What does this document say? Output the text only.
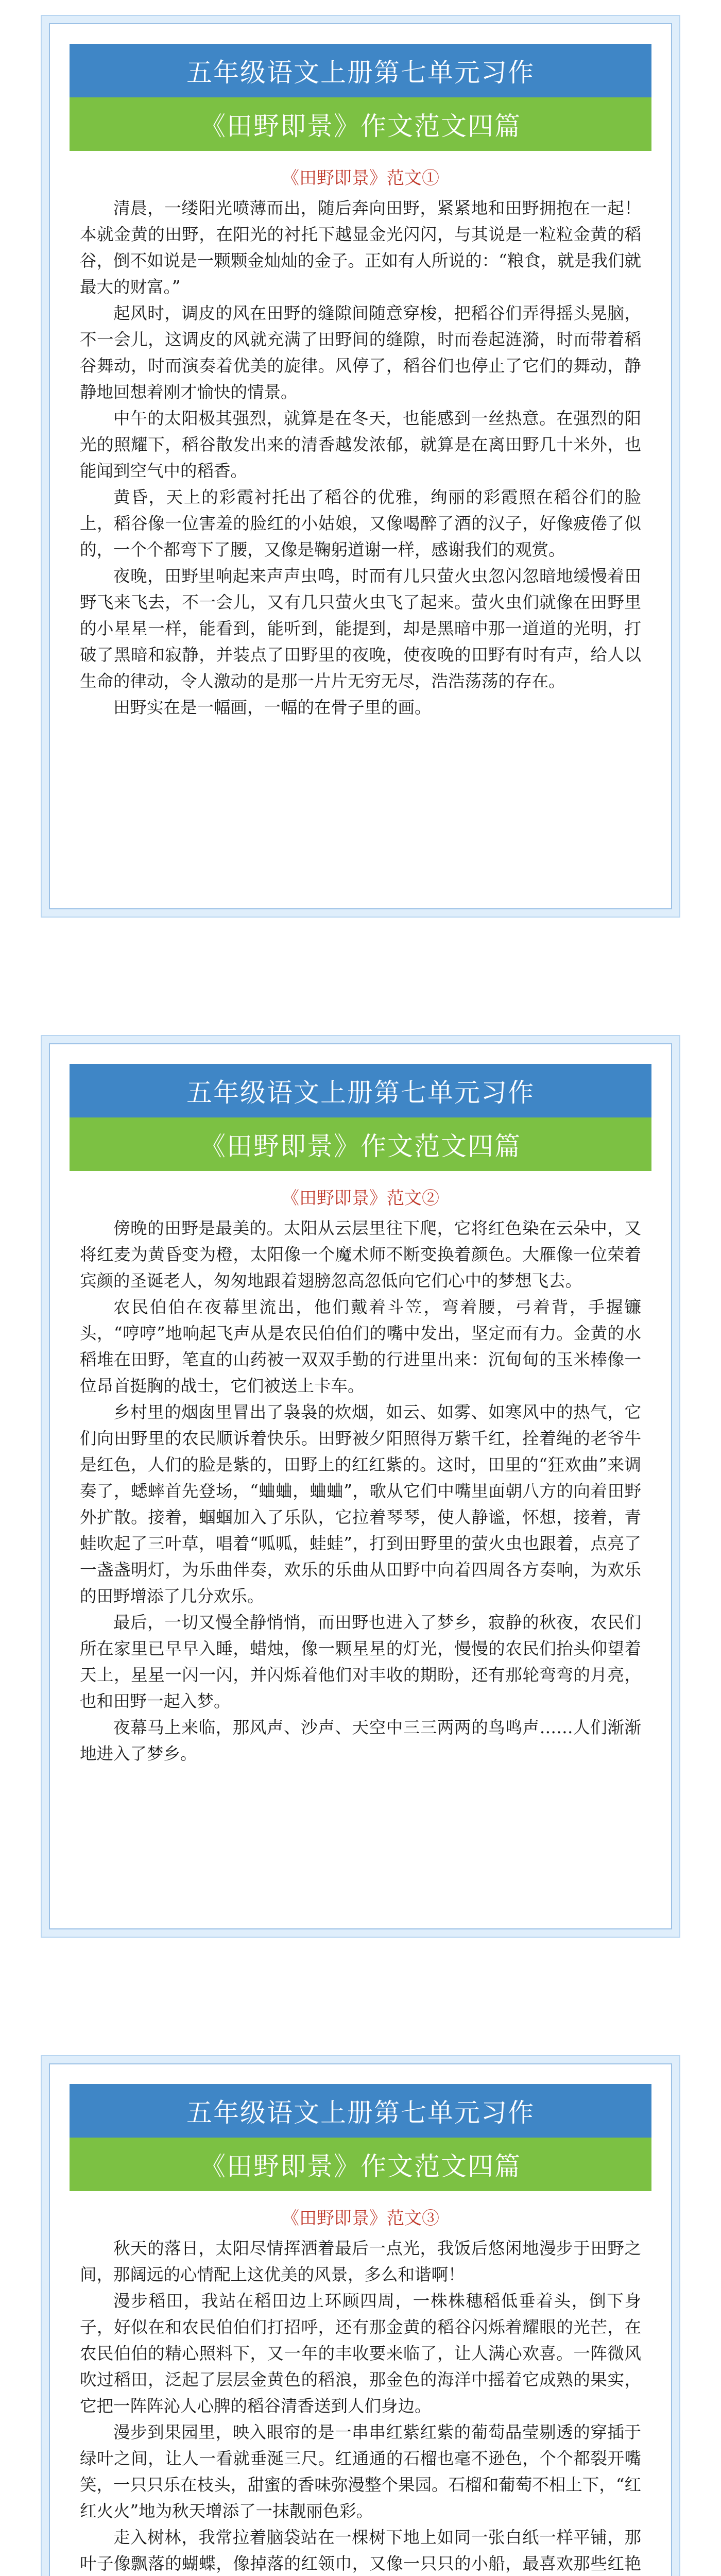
五年级语文上册第七单元习作
《田野即景》作文范文四篇
《田野即景》范文①

清晨，一缕阳光喷薄而出，随后奔向田野，紧紧地和田野拥抱在一起！本就金黄的田野，在阳光的衬托下越显金光闪闪，与其说是一粒粒金黄的稻谷，倒不如说是一颗颗金灿灿的金子。正如有人所说的：“粮食，就是我们就最大的财富。”

起风时，调皮的风在田野的缝隙间随意穿梭，把稻谷们弄得摇头晃脑，不一会儿，这调皮的风就充满了田野间的缝隙，时而卷起涟漪，时而带着稻谷舞动，时而演奏着优美的旋律。风停了，稻谷们也停止了它们的舞动，静静地回想着刚才愉快的情景。

中午的太阳极其强烈，就算是在冬天，也能感到一丝热意。在强烈的阳光的照耀下，稻谷散发出来的清香越发浓郁，就算是在离田野几十米外，也能闻到空气中的稻香。

黄昏，天上的彩霞衬托出了稻谷的优雅，绚丽的彩霞照在稻谷们的脸上，稻谷像一位害羞的脸红的小姑娘，又像喝醉了酒的汉子，好像疲倦了似的，一个个都弯下了腰，又像是鞠躬道谢一样，感谢我们的观赏。

夜晚，田野里响起来声声虫鸣，时而有几只萤火虫忽闪忽暗地缓慢着田野飞来飞去，不一会儿，又有几只萤火虫飞了起来。萤火虫们就像在田野里的小星星一样，能看到，能听到，能提到，却是黑暗中那一道道的光明，打破了黑暗和寂静，并装点了田野里的夜晚，使夜晚的田野有时有声，给人以生命的律动，令人激动的是那一片片无穷无尽，浩浩荡荡的存在。

田野实在是一幅画，一幅的在骨子里的画。

五年级语文上册第七单元习作
《田野即景》作文范文四篇
《田野即景》范文②

傍晚的田野是最美的。太阳从云层里往下爬，它将红色染在云朵中，又将红麦为黄昏变为橙，太阳像一个魔术师不断变换着颜色。大雁像一位荣着宾颜的圣诞老人，匆匆地跟着翅膀忽高忽低向它们心中的梦想飞去。

农民伯伯在夜幕里流出，他们戴着斗笠，弯着腰，弓着背，手握镰头，“哼哼”地响起飞声从是农民伯伯们的嘴中发出，坚定而有力。金黄的水稻堆在田野，笔直的山药被一双双手勤的行进里出来：沉甸甸的玉米棒像一位昂首挺胸的战士，它们被送上卡车。

乡村里的烟囱里冒出了袅袅的炊烟，如云、如雾、如寒风中的热气，它们向田野里的农民顺诉着快乐。田野被夕阳照得万紫千红，拴着绳的老爷牛是红色，人们的脸是紫的，田野上的红红紫的。这时，田里的“狂欢曲”来调奏了，蟋蟀首先登场，“蛐蛐，蛐蛐”，歌从它们中嘴里面朝八方的向着田野外扩散。接着，蝈蝈加入了乐队，它拉着琴琴，使人静谧，怀想，接着，青蛙吹起了三叶草，唱着“呱呱，蛙蛙”，打到田野里的萤火虫也跟着，点亮了一盏盏明灯，为乐曲伴奏，欢乐的乐曲从田野中向着四周各方奏响，为欢乐的田野增添了几分欢乐。

最后，一切又慢全静悄悄，而田野也进入了梦乡，寂静的秋夜，农民们所在家里已早早入睡，蜡烛，像一颗星星的灯光，慢慢的农民们抬头仰望着天上，星星一闪一闪，并闪烁着他们对丰收的期盼，还有那轮弯弯的月亮，也和田野一起入梦。

夜幕马上来临，那风声、沙声、天空中三三两两的鸟鸣声……人们渐渐地进入了梦乡。

五年级语文上册第七单元习作
《田野即景》作文范文四篇
《田野即景》范文③

秋天的落日，太阳尽情挥洒着最后一点光，我饭后悠闲地漫步于田野之间，那阔远的心情配上这优美的风景，多么和谐啊！

漫步稻田，我站在稻田边上环顾四周，一株株穗稻低垂着头，倒下身子，好似在和农民伯伯们打招呼，还有那金黄的稻谷闪烁着耀眼的光芒，在农民伯伯的精心照料下，又一年的丰收要来临了，让人满心欢喜。一阵微风吹过稻田，泛起了层层金黄色的稻浪，那金色的海洋中摇着它成熟的果实，它把一阵阵沁人心脾的稻谷清香送到人们身边。

漫步到果园里，映入眼帘的是一串串红紫红紫的葡萄晶莹剔透的穿插于绿叶之间，让人一看就垂涎三尺。红通通的石榴也毫不逊色，个个都裂开嘴笑，一只只乐在枝头，甜蜜的香味弥漫整个果园。石榴和葡萄不相上下，“红红火火”地为秋天增添了一抹靓丽色彩。

走入树林，我常拉着脑袋站在一棵树下地上如同一张白纸一样平铺，那叶子像飘落的蝴蝶，像掉落的红领巾，又像一只只的小船，最喜欢那些红艳
